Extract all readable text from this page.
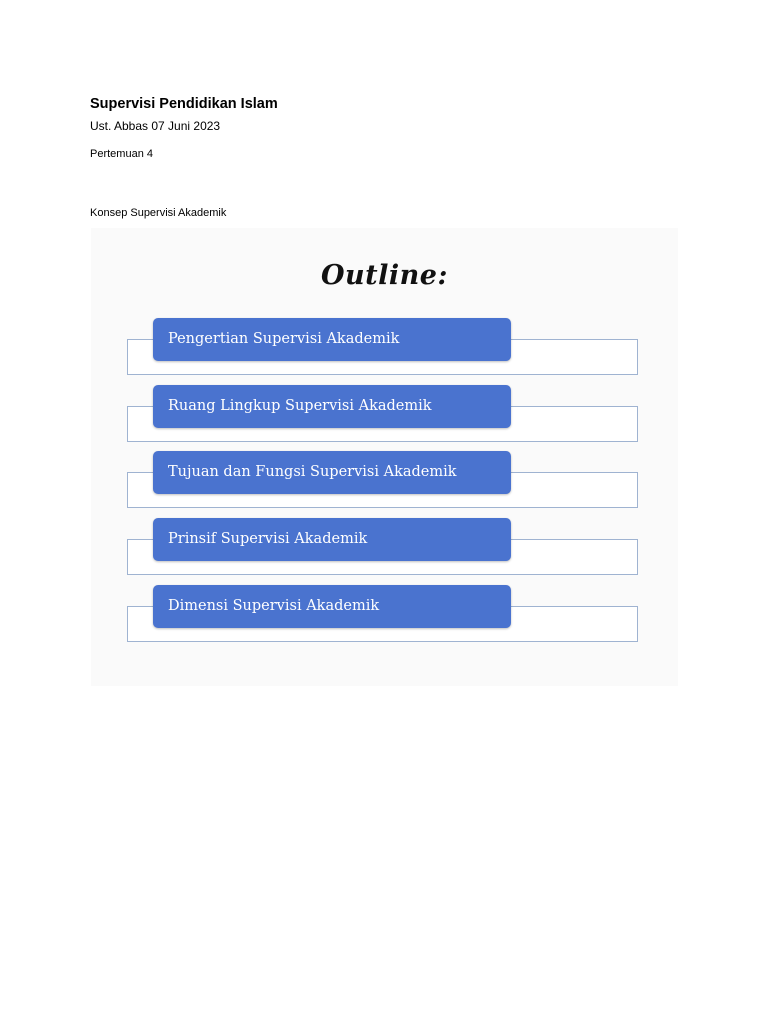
Supervisi Pendidikan Islam

Ust. Abbas 07 Juni 2023

Pertemuan 4

Konsep Supervisi Akademik

Outline:
Pengertian Supervisi Akademik
Ruang Lingkup Supervisi Akademik
Tujuan dan Fungsi Supervisi Akademik
Prinsif Supervisi Akademik
Dimensi Supervisi Akademik
